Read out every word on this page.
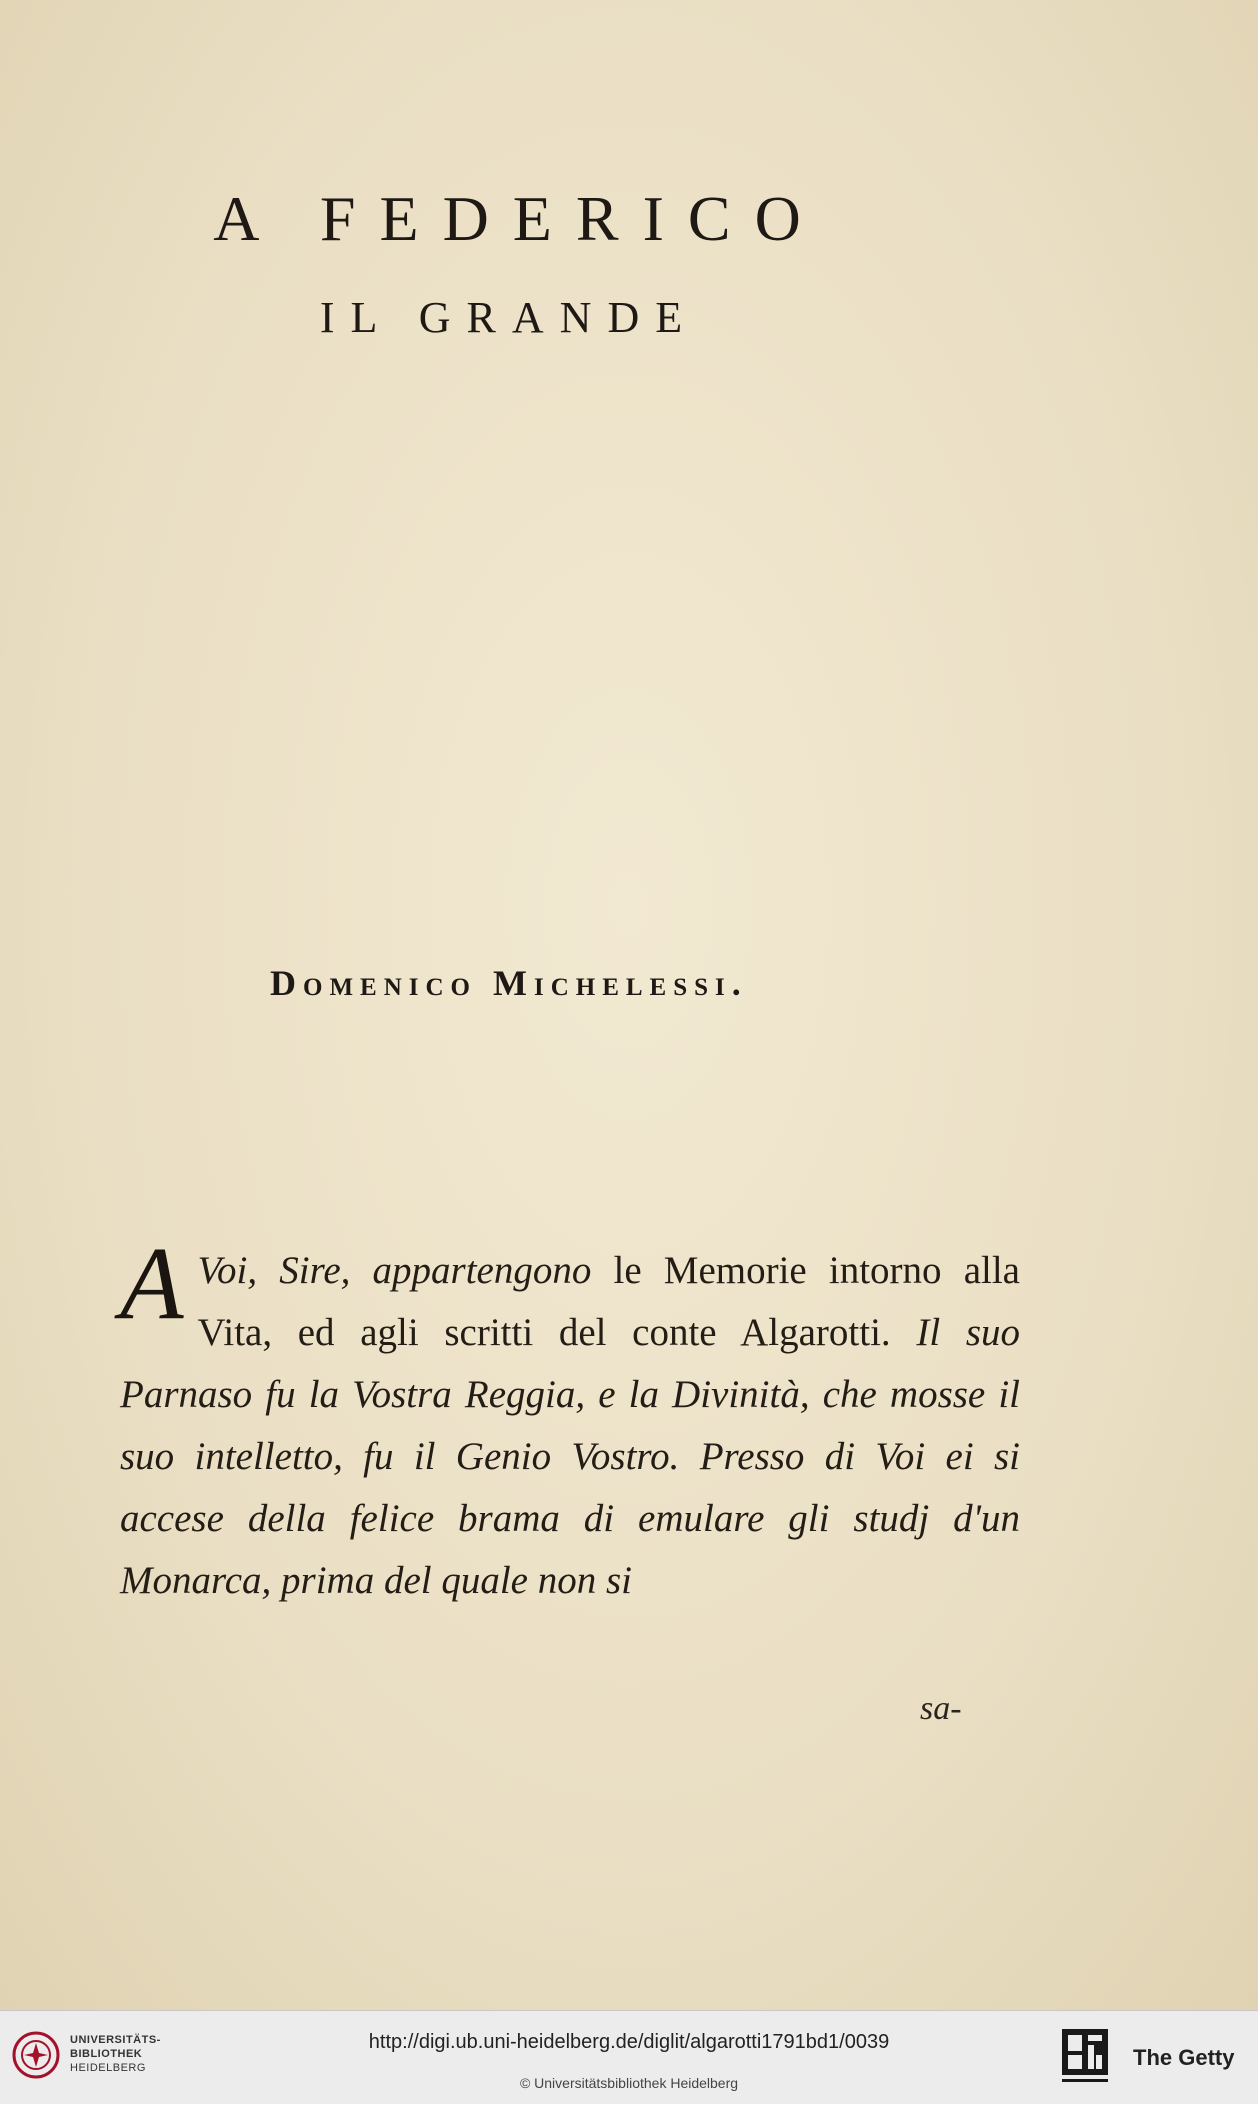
A FEDERICO
IL GRANDE
Domenico Michelessi.
A Voi, Sire, appartengono le Memorie intorno alla Vita, ed agli scritti del conte Algarotti. Il suo Parnaso fu la Vostra Reggia, e la Divinità, che mosse il suo intelletto, fu il Genio Vostro. Presso di Voi ei si accese della felice brama di emulare gli studj d'un Monarca, prima del quale non si
sa-
UNIVERSITÄTS-
BIBLIOTHEK
HEIDELBERG
http://digi.ub.uni-heidelberg.de/diglit/algarotti1791bd1/0039
© Universitätsbibliothek Heidelberg
The Getty
